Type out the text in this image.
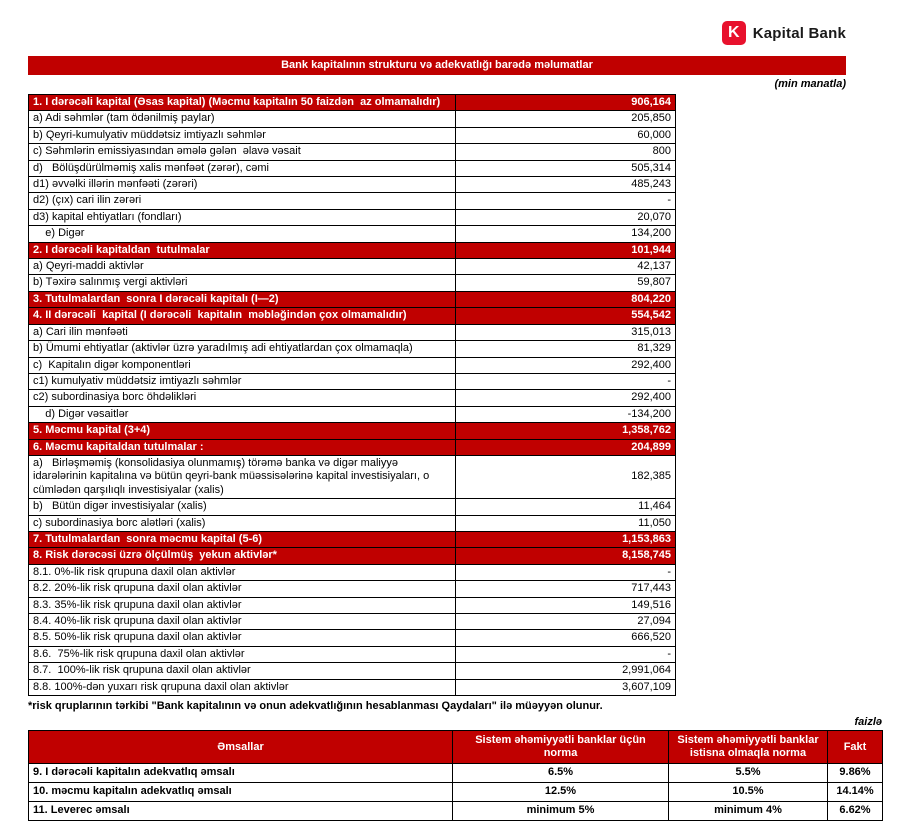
K Kapital Bank
Bank kapitalının strukturu və adekvatlığı barədə məlumatlar
(min manatla)
1. I dərəcəli kapital (Əsas kapital) (Məcmu kapitalın 50 faizdən  az olmamalıdır)	906,164
a) Adi səhmlər (tam ödənilmiş paylar)	205,850
b) Qeyri-kumulyativ müddətsiz imtiyazlı səhmlər	60,000
c) Səhmlərin emissiyasından əmələ gələn  əlavə vəsait	800
d)   Bölüşdürülməmiş xalis mənfəət (zərər), cəmi	505,314
d1) əvvəlki illərin mənfəəti (zərəri)	485,243
d2) (çıx) cari ilin zərəri	-
d3) kapital ehtiyatları (fondları)	20,070
e) Digər	134,200
2. I dərəcəli kapitaldan  tutulmalar	101,944
a) Qeyri-maddi aktivlər	42,137
b) Təxirə salınmış vergi aktivləri	59,807
3. Tutulmalardan  sonra I dərəcəli kapitalı (I—2)	804,220
4. II dərəcəli  kapital (I dərəcəli  kapitalın  məbləğindən çox olmamalıdır)	554,542
a) Cari ilin mənfəəti	315,013
b) Ümumi ehtiyatlar (aktivlər üzrə yaradılmış adi ehtiyatlardan çox olmamaqla)	81,329
c)  Kapitalın digər komponentləri	292,400
c1) kumulyativ müddətsiz imtiyazlı səhmlər	-
c2) subordinasiya borc öhdəlikləri	292,400
d) Digər vəsaitlər	-134,200
5. Məcmu kapital (3+4)	1,358,762
6. Məcmu kapitaldan tutulmalar :	204,899
a)   Birləşməmiş (konsolidasiya olunmamış) törəmə banka və digər maliyyə idarələrinin kapitalına və bütün qeyri-bank müəssisələrinə kapital investisiyaları, o cümlədən qarşılıqlı investisiyalar (xalis)	182,385
b)   Bütün digər investisiyalar (xalis)	11,464
c) subordinasiya borc alətləri (xalis)	11,050
7. Tutulmalardan  sonra məcmu kapital (5-6)	1,153,863
8. Risk dərəcəsi üzrə ölçülmüş  yekun aktivlər*	8,158,745
8.1. 0%-lik risk qrupuna daxil olan aktivlər	-
8.2. 20%-lik risk qrupuna daxil olan aktivlər	717,443
8.3. 35%-lik risk qrupuna daxil olan aktivlər	149,516
8.4. 40%-lik risk qrupuna daxil olan aktivlər	27,094
8.5. 50%-lik risk qrupuna daxil olan aktivlər	666,520
8.6.  75%-lik risk qrupuna daxil olan aktivlər	-
8.7.  100%-lik risk qrupuna daxil olan aktivlər	2,991,064
8.8. 100%-dən yuxarı risk qrupuna daxil olan aktivlər	3,607,109
*risk qruplarının tərkibi "Bank kapitalının və onun adekvatlığının hesablanması Qaydaları" ilə müəyyən olunur.
faizlə
Əmsallar	Sistem əhəmiyyətli banklar üçün norma	Sistem əhəmiyyətli banklar istisna olmaqla norma	Fakt
9. I dərəcəli kapitalın adekvatlıq əmsalı	6.5%	5.5%	9.86%
10. məcmu kapitalın adekvatlıq əmsalı	12.5%	10.5%	14.14%
11. Leverec əmsalı	minimum 5%	minimum 4%	6.62%
